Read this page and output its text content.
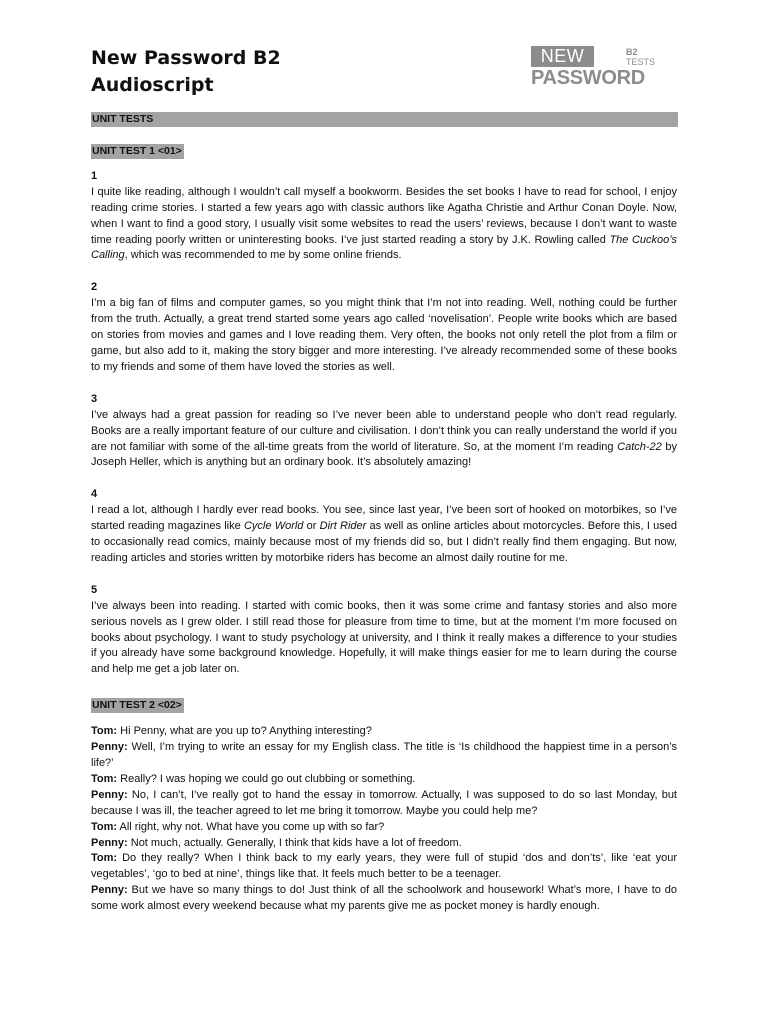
New Password B2
Audioscript
NEW	B2
TESTS
PASSWORD
UNIT TESTS
UNIT TEST 1 <01>
1

I quite like reading, although I wouldn’t call myself a bookworm. Besides the set books I have to read for school, I enjoy reading crime stories. I started a few years ago with classic authors like Agatha Christie and Arthur Conan Doyle. Now, when I want to find a good story, I usually visit some websites to read the users’ reviews, because I don’t want to waste time reading poorly written or uninteresting books. I’ve just started reading a story by J.K. Rowling called The Cuckoo’s Calling, which was recommended to me by some online friends.

2

I’m a big fan of films and computer games, so you might think that I’m not into reading. Well, nothing could be further from the truth. Actually, a great trend started some years ago called ‘novelisation’. People write books which are based on stories from movies and games and I love reading them. Very often, the books not only retell the plot from a film or game, but also add to it, making the story bigger and more interesting. I’ve already recommended some of these books to my friends and some of them have loved the stories as well.

3

I’ve always had a great passion for reading so I’ve never been able to understand people who don’t read regularly. Books are a really important feature of our culture and civilisation. I don’t think you can really understand the world if you are not familiar with some of the all-time greats from the world of literature. So, at the moment I’m reading Catch-22 by Joseph Heller, which is anything but an ordinary book. It’s absolutely amazing!

4

I read a lot, although I hardly ever read books. You see, since last year, I’ve been sort of hooked on motorbikes, so I’ve started reading magazines like Cycle World or Dirt Rider as well as online articles about motorcycles. Before this, I used to occasionally read comics, mainly because most of my friends did so, but I didn’t really find them engaging. But now, reading articles and stories written by motorbike riders has become an almost daily routine for me.

5

I’ve always been into reading. I started with comic books, then it was some crime and fantasy stories and also more serious novels as I grew older. I still read those for pleasure from time to time, but at the moment I’m more focused on books about psychology. I want to study psychology at university, and I think it really makes a difference to your studies if you already have some background knowledge. Hopefully, it will make things easier for me to learn during the course and help me get a job later on.

UNIT TEST 2 <02>

Tom: Hi Penny, what are you up to? Anything interesting?

Penny: Well, I’m trying to write an essay for my English class. The title is ‘Is childhood the happiest time in a person’s life?’

Tom: Really? I was hoping we could go out clubbing or something.

Penny: No, I can’t, I’ve really got to hand the essay in tomorrow. Actually, I was supposed to do so last Monday, but because I was ill, the teacher agreed to let me bring it tomorrow. Maybe you could help me?

Tom: All right, why not. What have you come up with so far?

Penny: Not much, actually. Generally, I think that kids have a lot of freedom.

Tom: Do they really? When I think back to my early years, they were full of stupid ‘dos and don’ts’, like ‘eat your vegetables’, ‘go to bed at nine’, things like that. It feels much better to be a teenager.

Penny: But we have so many things to do! Just think of all the schoolwork and housework! What’s more, I have to do some work almost every weekend because what my parents give me as pocket money is hardly enough.
